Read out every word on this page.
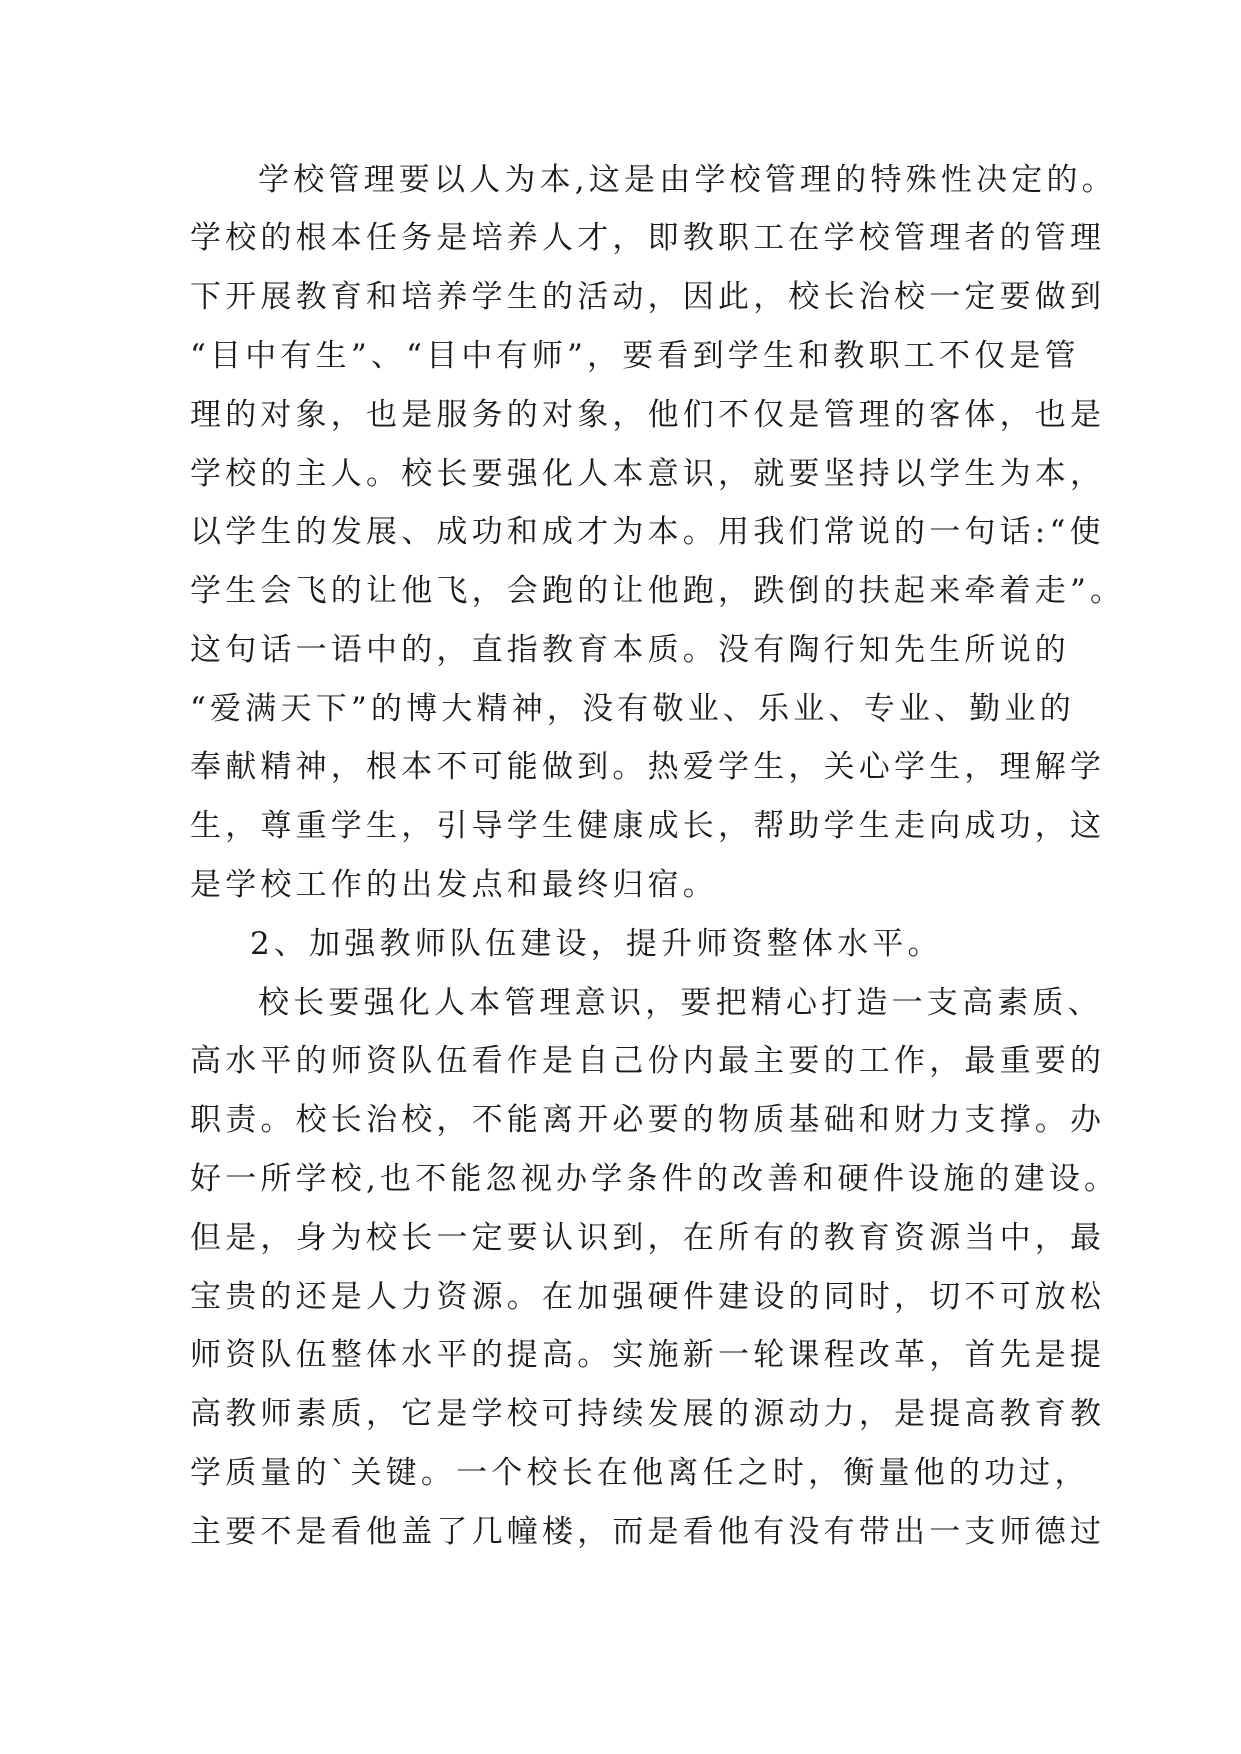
学校管理要以人为本,这是由学校管理的特殊性决定的。
学校的根本任务是培养人才，即教职工在学校管理者的管理
下开展教育和培养学生的活动，因此，校长治校一定要做到
“目中有生”、“目中有师”，要看到学生和教职工不仅是管
理的对象，也是服务的对象，他们不仅是管理的客体，也是
学校的主人。校长要强化人本意识，就要坚持以学生为本，
以学生的发展、成功和成才为本。用我们常说的一句话:“使
学生会飞的让他飞，会跑的让他跑，跌倒的扶起来牵着走”。
这句话一语中的，直指教育本质。没有陶行知先生所说的
“爱满天下”的博大精神，没有敬业、乐业、专业、勤业的
奉献精神，根本不可能做到。热爱学生，关心学生，理解学
生，尊重学生，引导学生健康成长，帮助学生走向成功，这
是学校工作的出发点和最终归宿。
2、加强教师队伍建设，提升师资整体水平。
校长要强化人本管理意识，要把精心打造一支高素质、
高水平的师资队伍看作是自己份内最主要的工作，最重要的
职责。校长治校，不能离开必要的物质基础和财力支撑。办
好一所学校,也不能忽视办学条件的改善和硬件设施的建设。
但是，身为校长一定要认识到，在所有的教育资源当中，最
宝贵的还是人力资源。在加强硬件建设的同时，切不可放松
师资队伍整体水平的提高。实施新一轮课程改革，首先是提
高教师素质，它是学校可持续发展的源动力，是提高教育教
学质量的`关键。一个校长在他离任之时，衡量他的功过，
主要不是看他盖了几幢楼，而是看他有没有带出一支师德过
